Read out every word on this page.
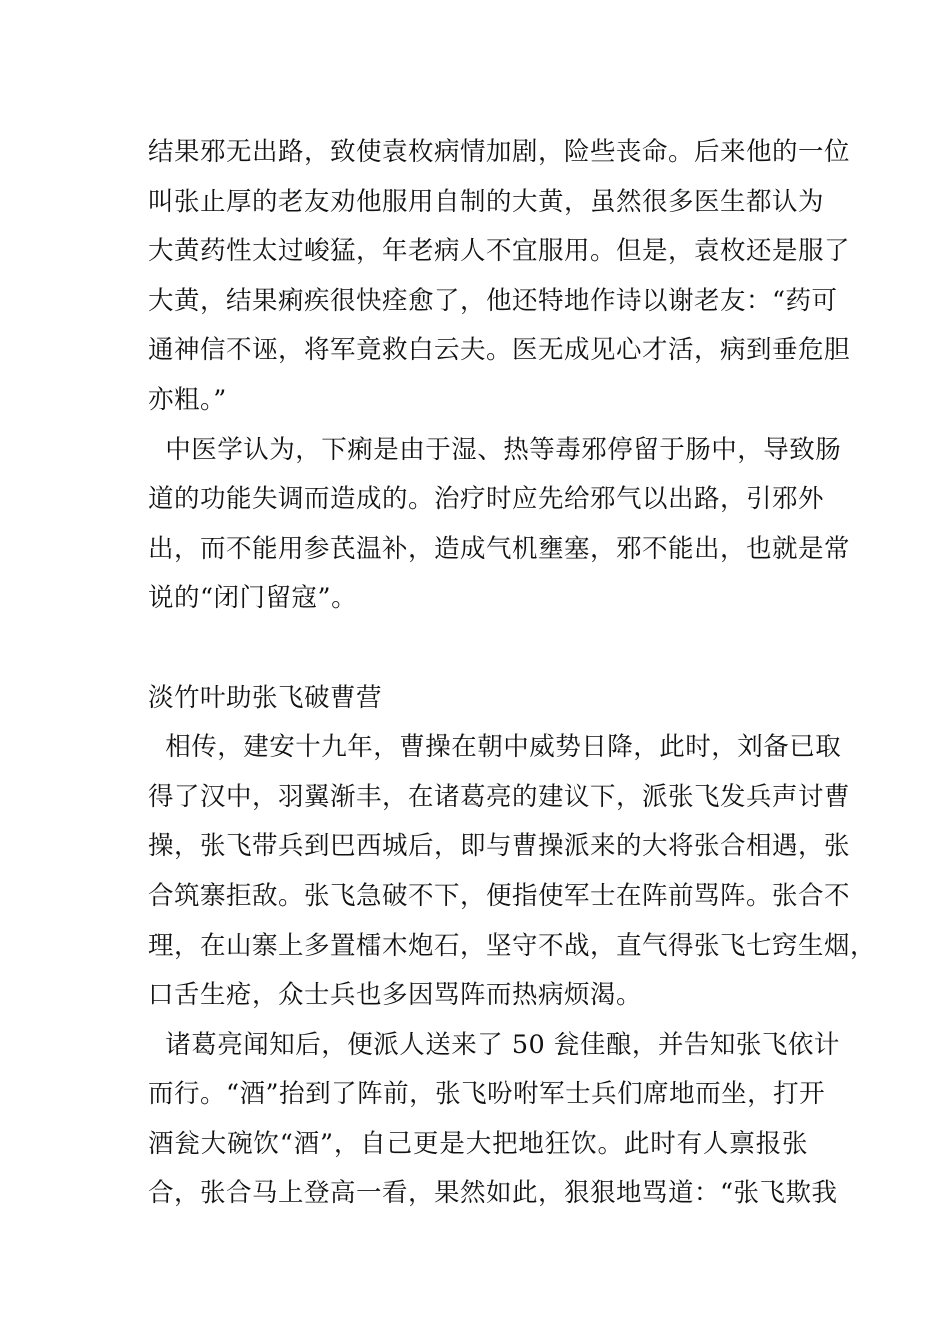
结果邪无出路，致使袁枚病情加剧，险些丧命。后来他的一位
叫张止厚的老友劝他服用自制的大黄，虽然很多医生都认为
大黄药性太过峻猛，年老病人不宜服用。但是，袁枚还是服了
大黄，结果痢疾很快痊愈了，他还特地作诗以谢老友：“药可
通神信不诬，将军竟救白云夫。医无成见心才活，病到垂危胆
亦粗。”
中医学认为，下痢是由于湿、热等毒邪停留于肠中，导致肠
道的功能失调而造成的。治疗时应先给邪气以出路，引邪外
出，而不能用参芪温补，造成气机壅塞，邪不能出，也就是常
说的“闭门留寇”。
淡竹叶助张飞破曹营
相传，建安十九年，曹操在朝中威势日降，此时，刘备已取
得了汉中，羽翼渐丰，在诸葛亮的建议下，派张飞发兵声讨曹
操，张飞带兵到巴西城后，即与曹操派来的大将张合相遇，张
合筑寨拒敌。张飞急破不下，便指使军士在阵前骂阵。张合不
理，在山寨上多置檑木炮石，坚守不战，直气得张飞七窍生烟，
口舌生疮，众士兵也多因骂阵而热病烦渴。
诸葛亮闻知后，便派人送来了 50 瓮佳酿，并告知张飞依计
而行。“酒”抬到了阵前，张飞吩咐军士兵们席地而坐，打开
酒瓮大碗饮“酒”，自己更是大把地狂饮。此时有人禀报张
合，张合马上登高一看，果然如此，狠狠地骂道：“张飞欺我
